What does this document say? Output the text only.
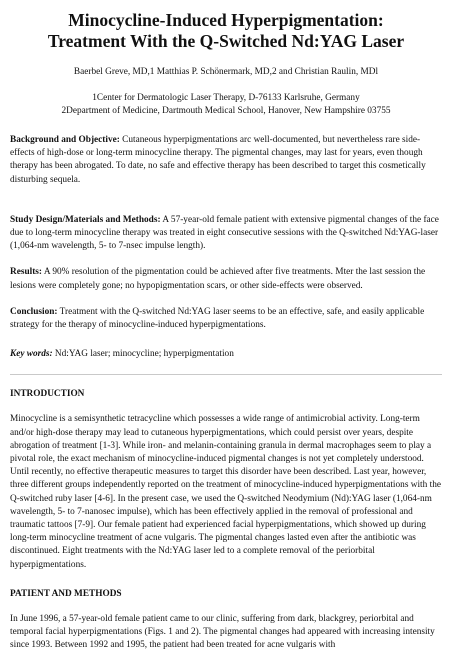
Minocycline-Induced Hyperpigmentation:
Treatment With the Q-Switched Nd:YAG Laser
Baerbel Greve, MD,1 Matthias P. Schönermark, MD,2 and Christian Raulin, MDl
1Center for Dermatologic Laser Therapy, D-76133 Karlsruhe, Germany
2Department of Medicine, Dartmouth Medical School, Hanover, New Hampshire 03755

Background and Objective: Cutaneous hyperpigmentations arc well-documented, but nevertheless rare side-effects of high-dose or long-term minocycline therapy. The pigmental changes, may last for years, even though therapy has been abrogated. To date, no safe and effective therapy has been described to target this cosmetically disturbing sequela.

Study Design/Materials and Methods: A 57-year-old female patient with extensive pigmental changes of the face due to long-term minocycline therapy was treated in eight consecutive sessions with the Q-switched Nd:YAG-laser (1,064-nm wavelength, 5- to 7-nsec impulse length).

Results: A 90% resolution of the pigmentation could be achieved after five treatments. Mter the last session the lesions were completely gone; no hypopigmentation scars, or other side-effects were observed.

Conclusion: Treatment with the Q-switched Nd:YAG laser seems to be an effective, safe, and easily applicable strategy for the therapy of minocycline-induced hyperpigmentations.

Key words: Nd:YAG laser; minocycline; hyperpigmentation

INTRODUCTION

Minocycline is a semisynthetic tetracycline which possesses a wide range of antimicrobial activity. Long-term and/or high-dose therapy may lead to cutaneous hyperpigmentations, which could persist over years, despite abrogation of treatment [1-3]. While iron- and melanin-containing granula in dermal macrophages seem to play a pivotal role, the exact mechanism of minocycline-induced pigmental changes is not yet completely understood. Until recently, no effective therapeutic measures to target this disorder have been described. Last year, however, three different groups independently reported on the treatment of minocycline-induced hyperpigmentations with the Q-switched ruby laser [4-6]. In the present case, we used the Q-switched Neodymium (Nd):YAG laser (1,064-nm wavelength, 5- to 7-nanosec impulse), which has been effectively applied in the removal of professional and traumatic tattoos [7-9]. Our female patient had experienced facial hyperpigmentations, which showed up during long-term minocycline treatment of acne vulgaris. The pigmental changes lasted even after the antibiotic was discontinued. Eight treatments with the Nd:YAG laser led to a complete removal of the periorbital hyperpigmentations.

PATIENT AND METHODS

In June 1996, a 57-year-old female patient came to our clinic, suffering from dark, blackgrey, periorbital and temporal facial hyperpigmentations (Figs. 1 and 2). The pigmental changes had appeared with increasing intensity since 1993. Between 1992 and 1995, the patient had been treated for acne vulgaris with
